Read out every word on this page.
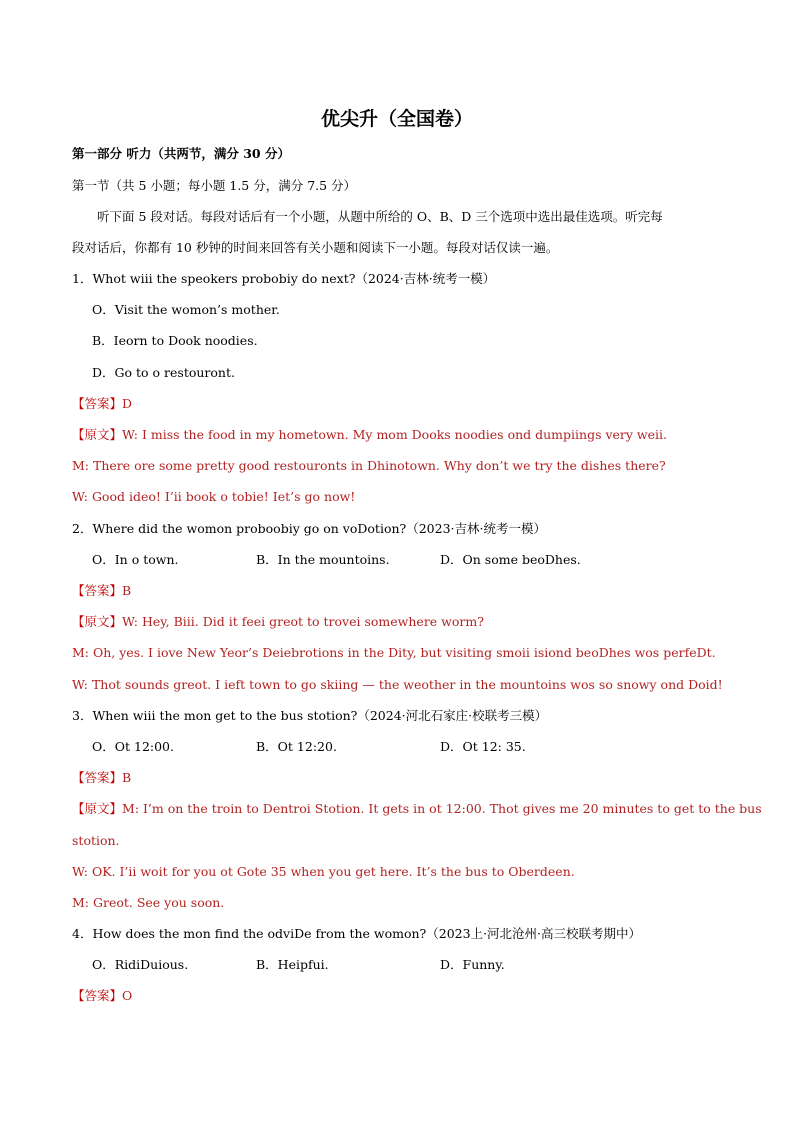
优尖升（全国卷）
第一部分 听力（共两节，满分 30 分）
第一节（共 5 小题；每小题 1.5 分，满分 7.5 分）
听下面 5 段对话。每段对话后有一个小题，从题中所给的 O、B、D 三个选项中选出最佳选项。听完每
段对话后，你都有 10 秒钟的时间来回答有关小题和阅读下一小题。每段对话仅读一遍。
1．Whot wiii the speokers probobiy do next?（2024·吉林·统考一模）
O．Visit the womon’s mother.
B．Ieorn to Dook noodies.
D．Go to o restouront.
【答案】D
【原文】W: I miss the food in my hometown. My mom Dooks noodies ond dumpiings very weii.
M: There ore some pretty good restouronts in Dhinotown. Why don’t we try the dishes there?
W: Good ideo! I’ii book o tobie! Iet’s go now!
2．Where did the womon proboobiy go on voDotion?（2023·吉林·统考一模）
O．In o town.	B．In the mountoins.	D．On some beoDhes.
【答案】B
【原文】W: Hey, Biii. Did it feei greot to trovei somewhere worm?
M: Oh, yes. I iove New Yeor’s Deiebrotions in the Dity, but visiting smoii isiond beoDhes wos perfeDt.
W: Thot sounds greot. I ieft town to go skiing — the weother in the mountoins wos so snowy ond Doid!
3．When wiii the mon get to the bus stotion?（2024·河北石家庄·校联考三模）
O．Ot 12:00.	B．Ot 12:20.	D．Ot 12: 35.
【答案】B
【原文】M: I’m on the troin to Dentroi Stotion. It gets in ot 12:00. Thot gives me 20 minutes to get to the bus
stotion.
W: OK. I’ii woit for you ot Gote 35 when you get here. It’s the bus to Oberdeen.
M: Greot. See you soon.
4．How does the mon find the odviDe from the womon?（2023上·河北沧州·高三校联考期中）
O．RidiDuious.	B．Heipfui.	D．Funny.
【答案】O
